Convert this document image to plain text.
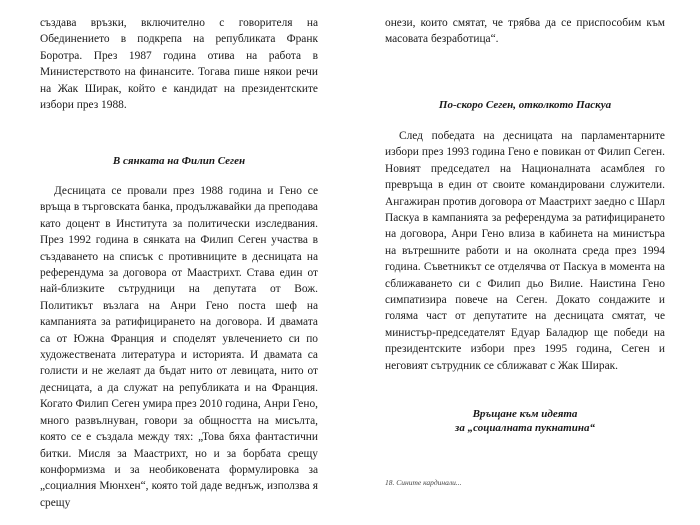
създава връзки, включително с говорителя на Обединението в подкрепа на републиката Франк Боротра. През 1987 година отива на работа в Министерството на финансите. Тогава пише някои речи на Жак Ширак, който е кандидат на президентските избори през 1988.

В сянката на Филип Сеген

Десницата се провали през 1988 година и Гено се връща в търговската банка, продължавайки да преподава като доцент в Института за политически изследвания. През 1992 година в сянката на Филип Сеген участва в създаването на списък с противниците в десницата на референдума за договора от Маастрихт. Става един от най-близките сътрудници на депутата от Вож. Политикът възлага на Анри Гено поста шеф на кампанията за ратифицирането на договора. И двамата са от Южна Франция и споделят увлечението си по художествената литература и историята. И двамата са голисти и не желаят да бъдат нито от левицата, нито от десницата, а да служат на републиката и на Франция. Когато Филип Сеген умира през 2010 година, Анри Гено, много развълнуван, говори за общността на мисълта, която се е създала между тях: „Това бяха фантастични битки. Мисля за Маастрихт, но и за борбата срещу конформизма и за необиковената формулировка за „социалния Мюнхен“, която той даде веднъж, използва я срещу

онези, които смятат, че трябва да се приспособим към масовата безработица“.

По-скоро Сеген, отколкото Паскуа

След победата на десницата на парламентарните избори през 1993 година Гено е повикан от Филип Сеген. Новият председател на Националната асамблея го превръща в един от своите командировани служители. Ангажиран против договора от Маастрихт заедно с Шарл Паскуа в кампанията за референдума за ратифицирането на договора, Анри Гено влиза в кабинета на министъра на вътрешните работи и на околната среда през 1994 година. Съветникът се отделячва от Паскуа в момента на сближаването си с Филип дьо Вилие. Наистина Гено симпатизира повече на Сеген. Докато сондажите и голяма част от депутатите на десницата смятат, че министър-председателят Едуар Баладюр ще победи на президентските избори през 1995 година, Сеген и неговият сътрудник се сближават с Жак Ширак.

Връщане към идеята

за „социалната пукнатина“

18. Сините кардинали...
